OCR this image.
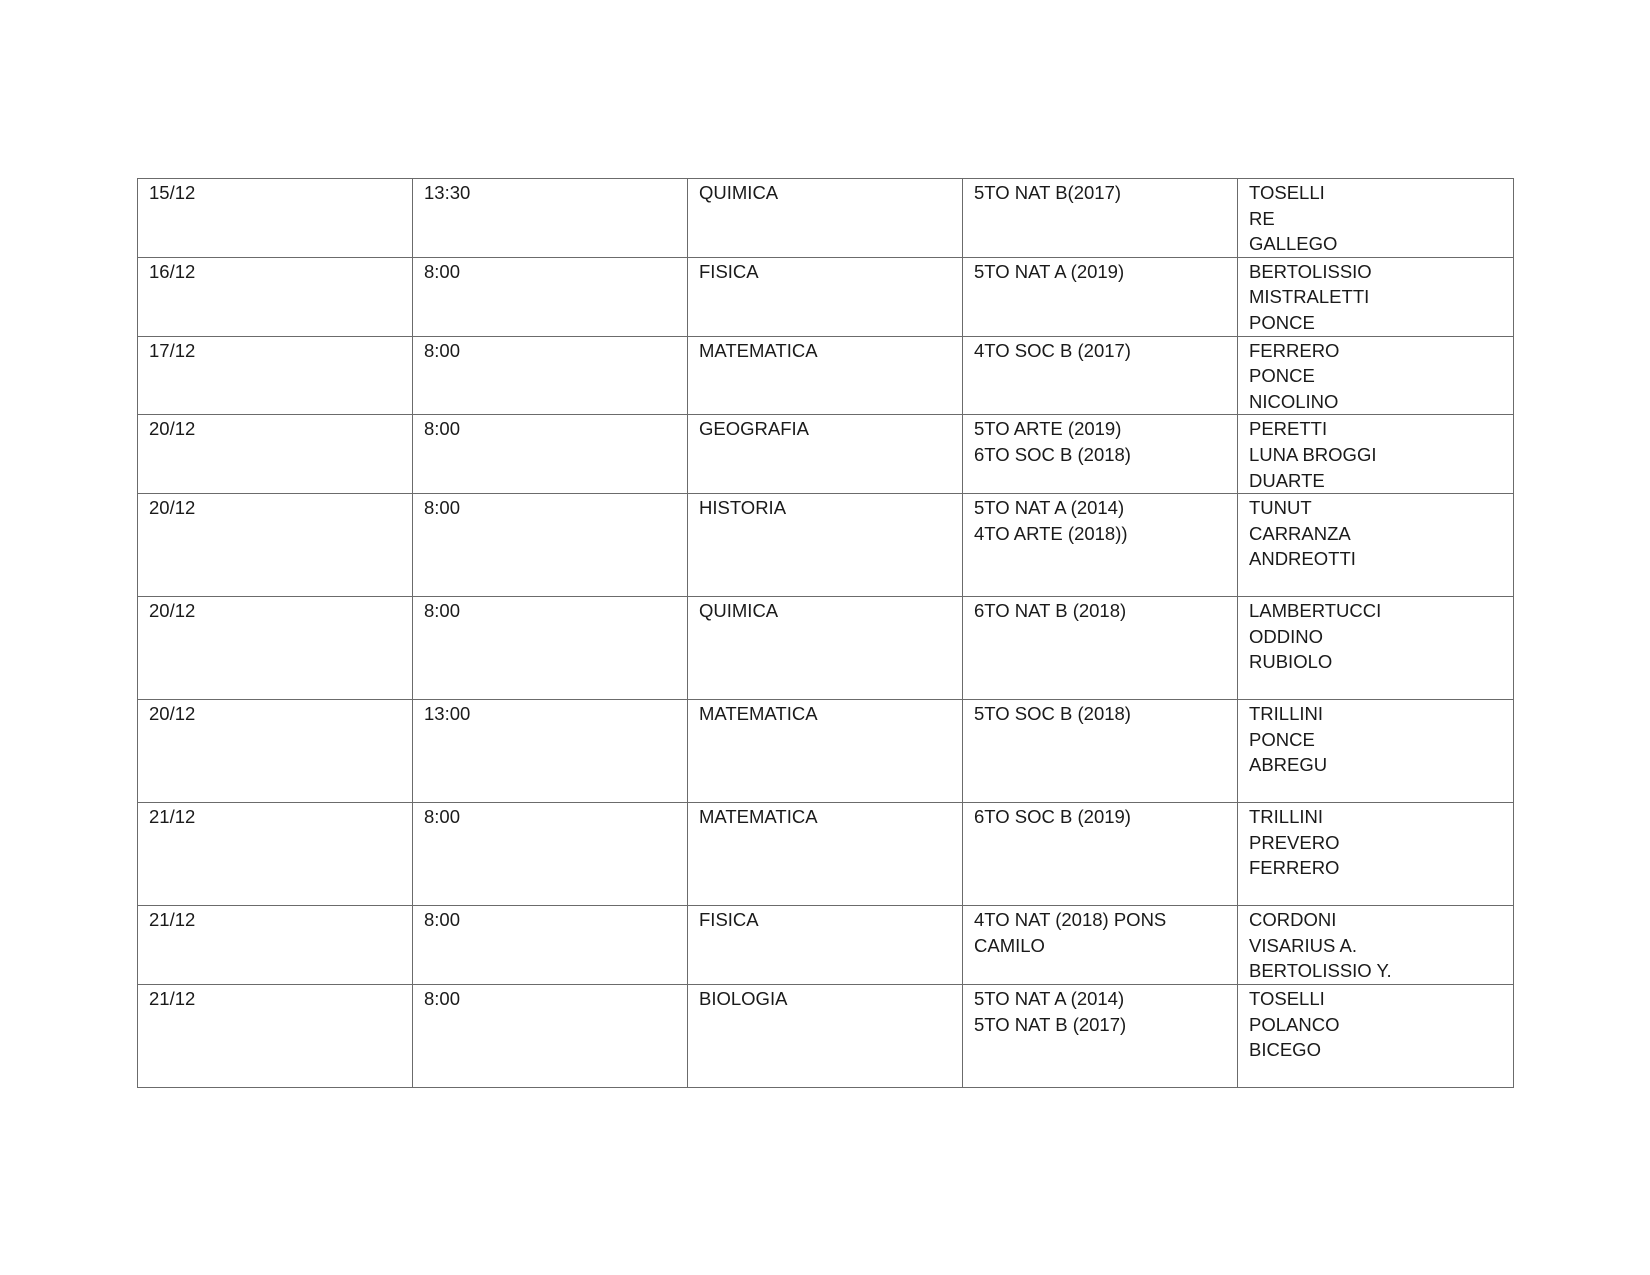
15/12	13:30	QUIMICA	5TO NAT B(2017)	TOSELLI
RE
GALLEGO

16/12	8:00	FISICA	5TO NAT A (2019)	BERTOLISSIO
MISTRALETTI
PONCE

17/12	8:00	MATEMATICA	4TO SOC B (2017)	FERRERO
PONCE
NICOLINO

20/12	8:00	GEOGRAFIA	5TO ARTE (2019)
6TO SOC B (2018)	PERETTI
LUNA BROGGI
DUARTE

20/12	8:00	HISTORIA	5TO NAT A (2014)
4TO ARTE (2018))	TUNUT
CARRANZA
ANDREOTTI

20/12	8:00	QUIMICA	6TO NAT B (2018)	LAMBERTUCCI
ODDINO
RUBIOLO

20/12	13:00	MATEMATICA	5TO SOC B (2018)	TRILLINI
PONCE
ABREGU

21/12	8:00	MATEMATICA	6TO SOC B (2019)	TRILLINI
PREVERO
FERRERO

21/12	8:00	FISICA	4TO NAT (2018) PONS
CAMILO	CORDONI
VISARIUS A.
BERTOLISSIO Y.

21/12	8:00	BIOLOGIA	5TO NAT A (2014)
5TO NAT B (2017)	TOSELLI
POLANCO
BICEGO
